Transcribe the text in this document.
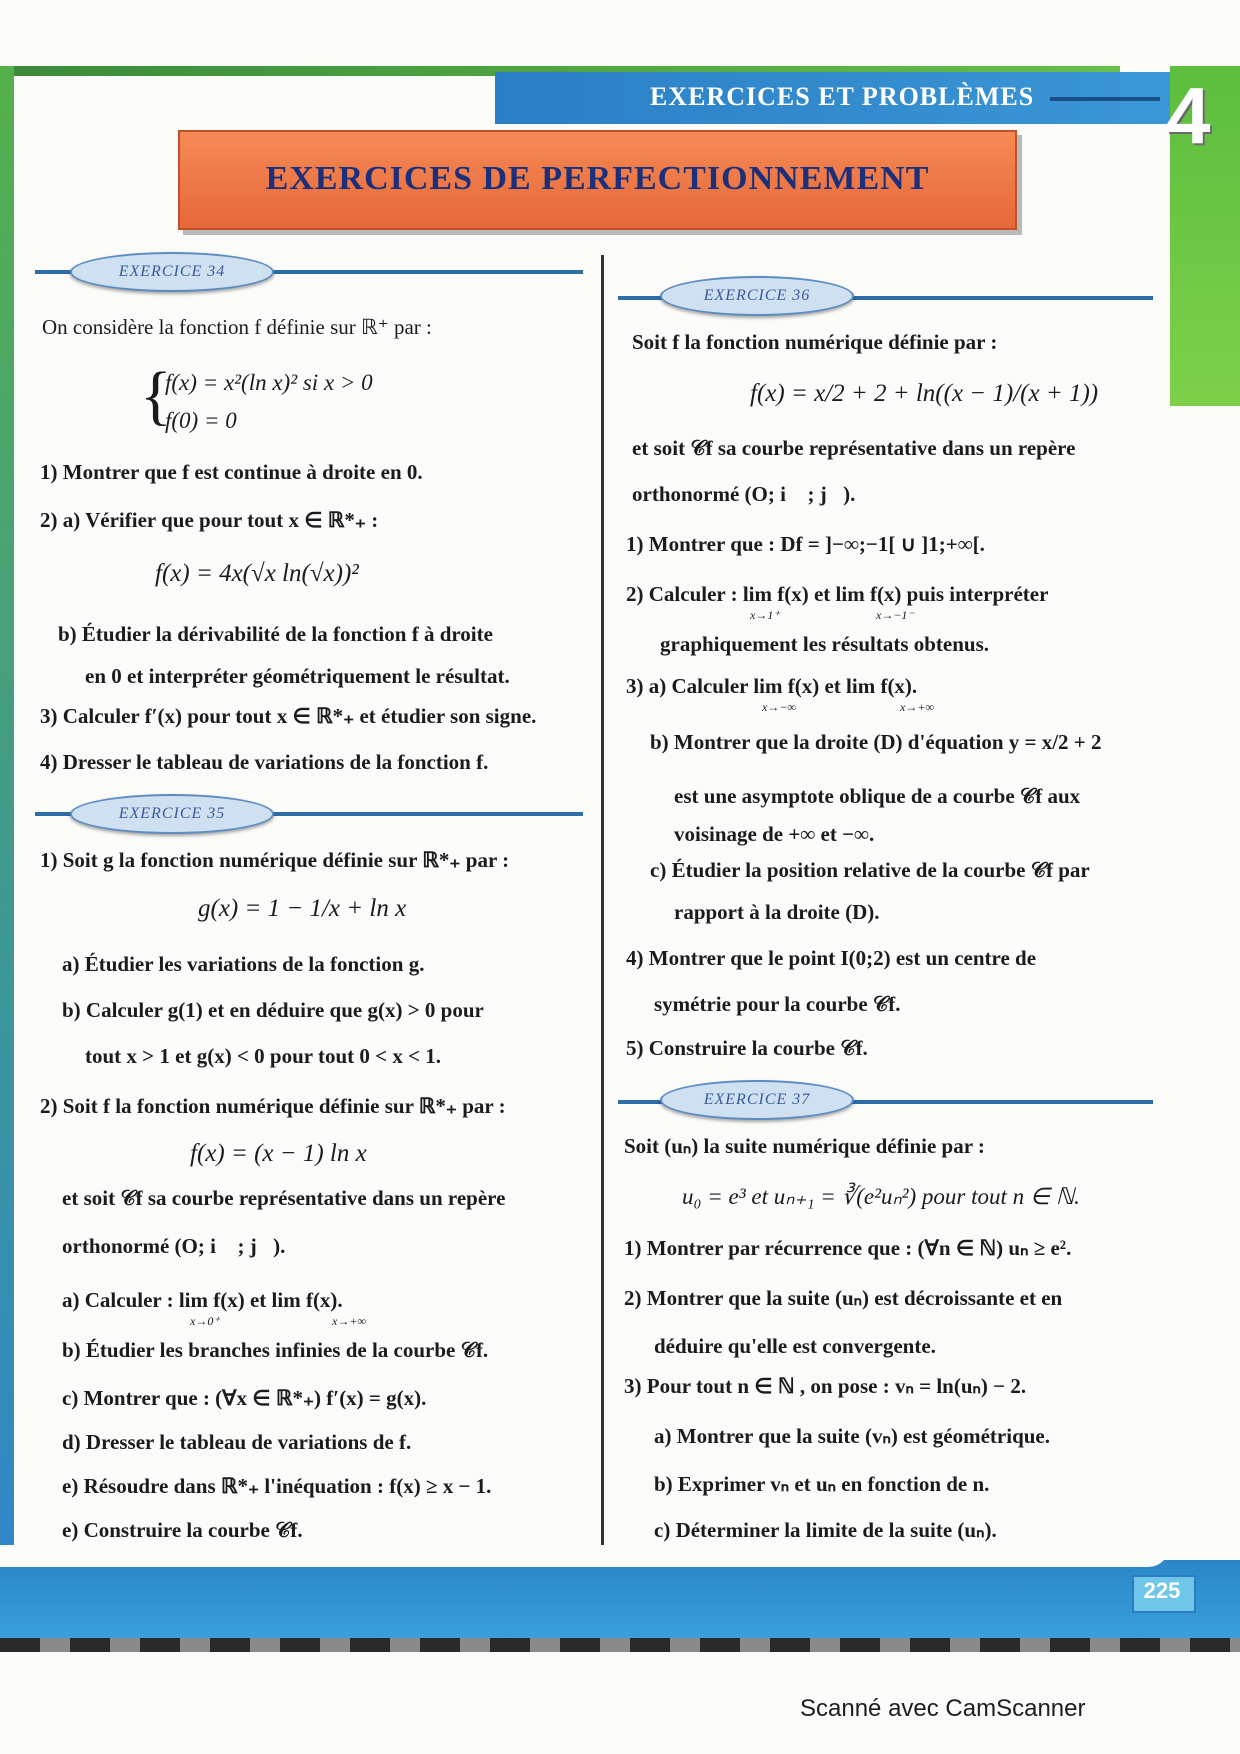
EXERCICES ET PROBLÈMES 4
EXERCICES DE PERFECTIONNEMENT
EXERCICE 34
On considère la fonction f définie sur ℝ⁺ par :
{
f(x) = x²(ln x)² si x > 0
f(0) = 0
1) Montrer que f est continue à droite en 0.
2) a) Vérifier que pour tout x ∈ ℝ*₊ :
f(x) = 4x(√x ln(√x))²
b) Étudier la dérivabilité de la fonction f à droite
en 0 et interpréter géométriquement le résultat.
3) Calculer f′(x) pour tout x ∈ ℝ*₊ et étudier son signe.
4) Dresser le tableau de variations de la fonction f.
EXERCICE 35
1) Soit g la fonction numérique définie sur ℝ*₊ par :
g(x) = 1 − 1/x + ln x
a) Étudier les variations de la fonction g.
b) Calculer g(1) et en déduire que g(x) > 0 pour
tout x > 1 et g(x) < 0 pour tout 0 < x < 1.
2) Soit f la fonction numérique définie sur ℝ*₊ par :
f(x) = (x − 1) ln x
et soit 𝒞f sa courbe représentative dans un repère
orthonormé (O; i⃗ ; j⃗).
a) Calculer : lim f(x) et lim f(x).
x→0⁺	x→+∞
b) Étudier les branches infinies de la courbe 𝒞f.
c) Montrer que : (∀x ∈ ℝ*₊) f′(x) = g(x).
d) Dresser le tableau de variations de f.
e) Résoudre dans ℝ*₊ l'inéquation : f(x) ≥ x − 1.
e) Construire la courbe 𝒞f.
EXERCICE 36
Soit f la fonction numérique définie par :
f(x) = x/2 + 2 + ln((x − 1)/(x + 1))
et soit 𝒞f sa courbe représentative dans un repère
orthonormé (O; i⃗ ; j⃗).
1) Montrer que : Df = ]−∞;−1[ ∪ ]1;+∞[.
2) Calculer : lim f(x) et lim f(x) puis interpréter
x→1⁺	x→−1⁻
graphiquement les résultats obtenus.
3) a) Calculer lim f(x) et lim f(x).
x→−∞	x→+∞
b) Montrer que la droite (D) d'équation y = x/2 + 2
est une asymptote oblique de a courbe 𝒞f aux
voisinage de +∞ et −∞.
c) Étudier la position relative de la courbe 𝒞f par
rapport à la droite (D).
4) Montrer que le point I(0;2) est un centre de
symétrie pour la courbe 𝒞f.
5) Construire la courbe 𝒞f.
EXERCICE 37
Soit (uₙ) la suite numérique définie par :
u₀ = e³ et uₙ₊₁ = ∛(e²uₙ²) pour tout n ∈ ℕ.
1) Montrer par récurrence que : (∀n ∈ ℕ) uₙ ≥ e².
2) Montrer que la suite (uₙ) est décroissante et en
déduire qu'elle est convergente.
3) Pour tout n ∈ ℕ , on pose : vₙ = ln(uₙ) − 2.
a) Montrer que la suite (vₙ) est géométrique.
b) Exprimer vₙ et uₙ en fonction de n.
c) Déterminer la limite de la suite (uₙ).
225
Scanné avec CamScanner
